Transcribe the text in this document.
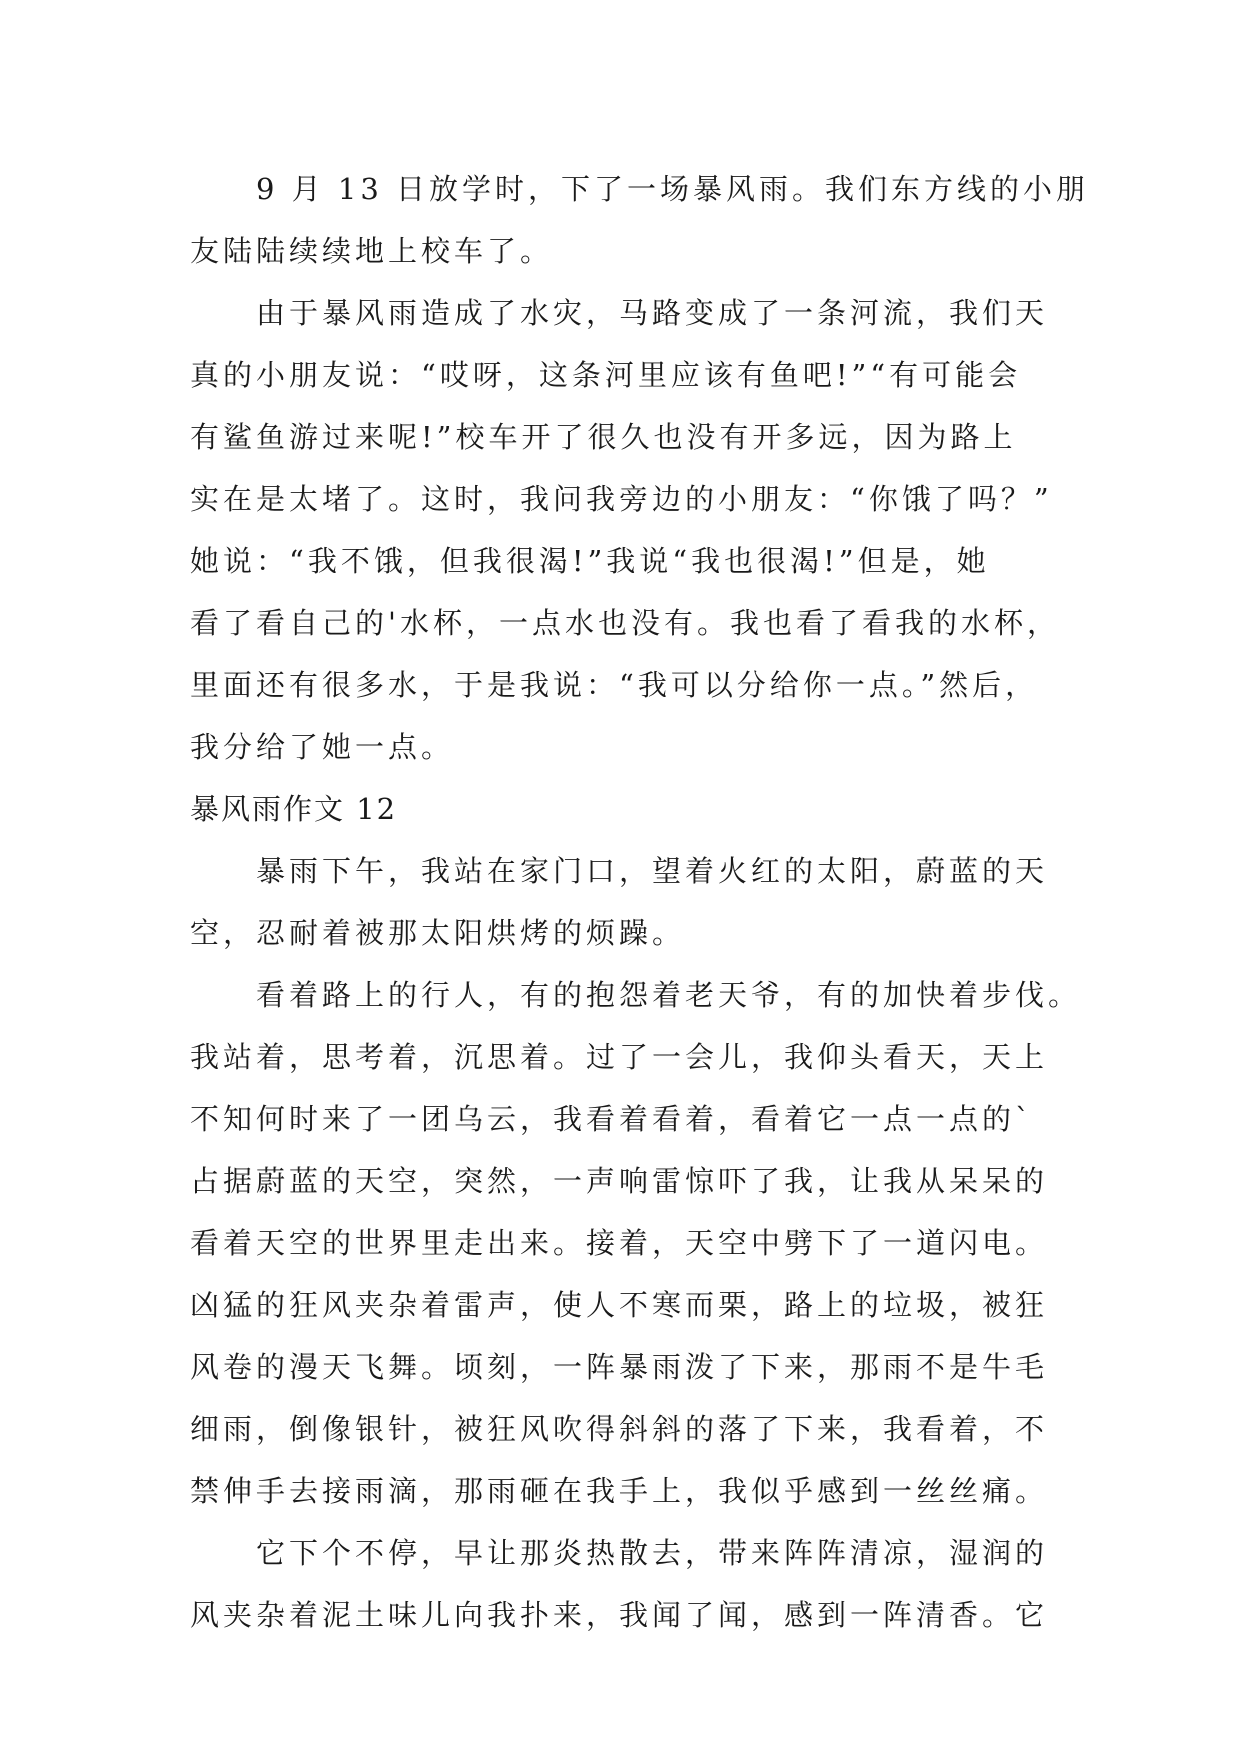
9 月 13 日放学时，下了一场暴风雨。我们东方线的小朋
友陆陆续续地上校车了。
由于暴风雨造成了水灾，马路变成了一条河流，我们天
真的小朋友说：“哎呀，这条河里应该有鱼吧!”“有可能会
有鲨鱼游过来呢!”校车开了很久也没有开多远，因为路上
实在是太堵了。这时，我问我旁边的小朋友：“你饿了吗？”
她说：“我不饿，但我很渴!”我说“我也很渴!”但是，她
看了看自己的'水杯，一点水也没有。我也看了看我的水杯，
里面还有很多水，于是我说：“我可以分给你一点。”然后，
我分给了她一点。
暴风雨作文 12
暴雨下午，我站在家门口，望着火红的太阳，蔚蓝的天
空，忍耐着被那太阳烘烤的烦躁。
看着路上的行人，有的抱怨着老天爷，有的加快着步伐。
我站着，思考着，沉思着。过了一会儿，我仰头看天，天上
不知何时来了一团乌云，我看着看着，看着它一点一点的`
占据蔚蓝的天空，突然，一声响雷惊吓了我，让我从呆呆的
看着天空的世界里走出来。接着，天空中劈下了一道闪电。
凶猛的狂风夹杂着雷声，使人不寒而栗，路上的垃圾，被狂
风卷的漫天飞舞。顷刻，一阵暴雨泼了下来，那雨不是牛毛
细雨，倒像银针，被狂风吹得斜斜的落了下来，我看着，不
禁伸手去接雨滴，那雨砸在我手上，我似乎感到一丝丝痛。
它下个不停，早让那炎热散去，带来阵阵清凉，湿润的
风夹杂着泥土味儿向我扑来，我闻了闻，感到一阵清香。它
